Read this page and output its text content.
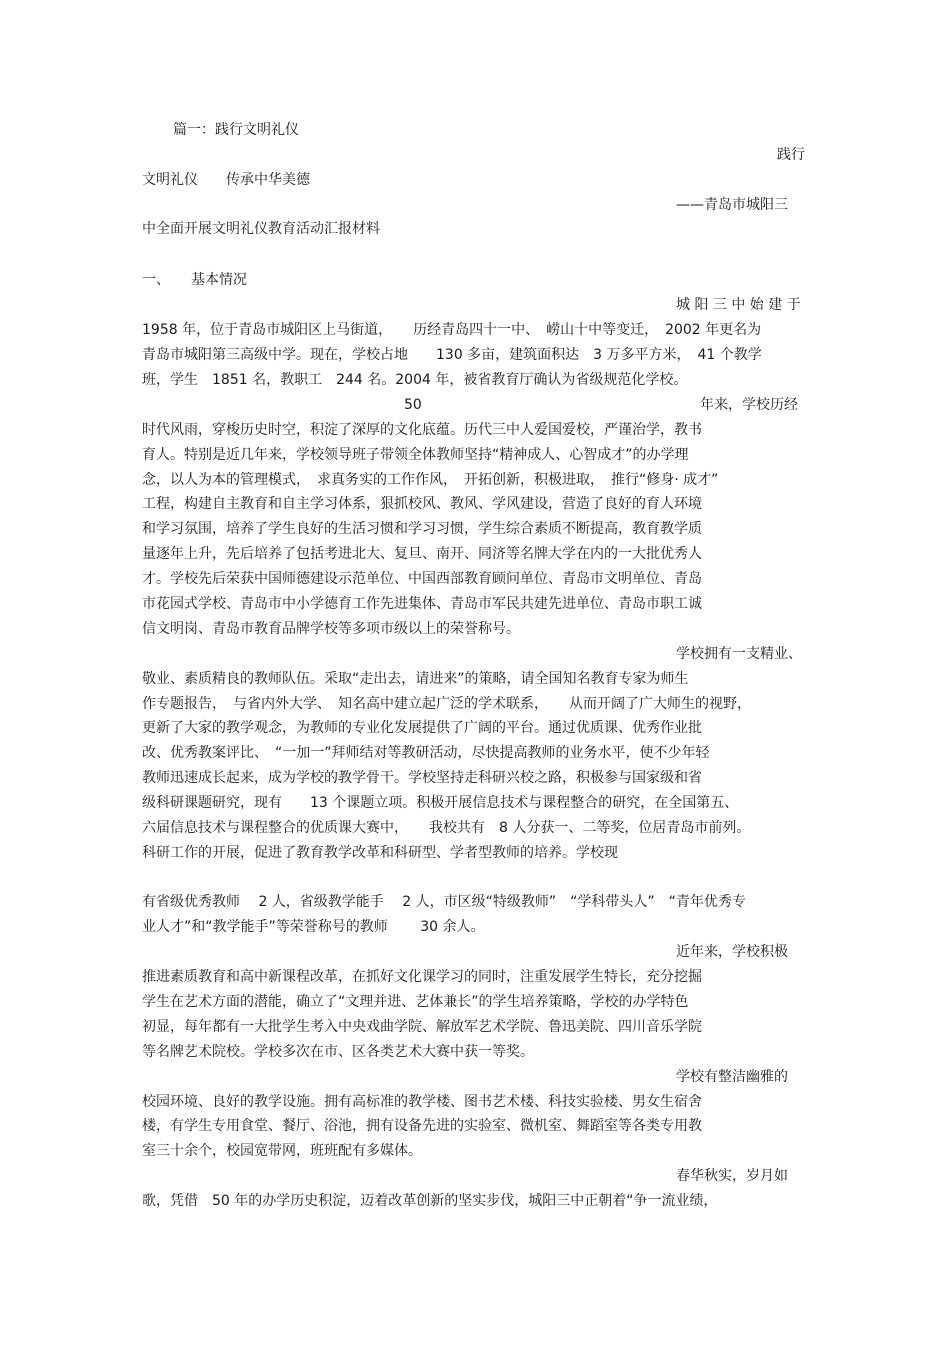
篇一：践行文明礼仪
践行
文明礼仪　　传承中华美德
——青岛市城阳三
中全面开展文明礼仪教育活动汇报材料
一、　　基本情况
城 阳 三 中 始 建 于
1958 年，位于青岛市城阳区上马街道，　　历经青岛四十一中、　崂山十中等变迁，　2002 年更名为
青岛市城阳第三高级中学。现在，学校占地　　130 多亩，建筑面积达　3 万多平方米，　41 个教学
班，学生　1851 名，教职工　244 名。2004 年，被省教育厅确认为省级规范化学校。
50	年来，学校历经
时代风雨，穿梭历史时空，积淀了深厚的文化底蕴。历代三中人爱国爱校，严谨治学，教书
育人。特别是近几年来，学校领导班子带领全体教师坚持“精神成人、心智成才”的办学理
念，以人为本的管理模式，　求真务实的工作作风，　开拓创新，积极进取，　推行“修身· 成才”
工程，构建自主教育和自主学习体系，狠抓校风、教风、学风建设，营造了良好的育人环境
和学习氛围，培养了学生良好的生活习惯和学习习惯，学生综合素质不断提高，教育教学质
量逐年上升，先后培养了包括考进北大、复旦、南开、同济等名牌大学在内的一大批优秀人
才。学校先后荣获中国师德建设示范单位、中国西部教育顾问单位、青岛市文明单位、青岛
市花园式学校、青岛市中小学德育工作先进集体、青岛市军民共建先进单位、青岛市职工诚
信文明岗、青岛市教育品牌学校等多项市级以上的荣誉称号。
学校拥有一支精业、
敬业、素质精良的教师队伍。采取“走出去，请进来”的策略，请全国知名教育专家为师生
作专题报告，　与省内外大学、　知名高中建立起广泛的学术联系，　　从而开阔了广大师生的视野，
更新了大家的教学观念，为教师的专业化发展提供了广阔的平台。通过优质课、优秀作业批
改、优秀教案评比、　“一加一”拜师结对等教研活动，尽快提高教师的业务水平，使不少年轻
教师迅速成长起来，成为学校的教学骨干。学校坚持走科研兴校之路，积极参与国家级和省
级科研课题研究，现有　　13 个课题立项。积极开展信息技术与课程整合的研究，在全国第五、
六届信息技术与课程整合的优质课大赛中，　　我校共有　8 人分获一、二等奖，位居青岛市前列。
科研工作的开展，促进了教育教学改革和科研型、学者型教师的培养。学校现
有省级优秀教师　 2 人，省级教学能手　 2 人，市区级“特级教师”　“学科带头人”　“青年优秀专
业人才”和“教学能手”等荣誉称号的教师　　 30 余人。
近年来，学校积极
推进素质教育和高中新课程改革，在抓好文化课学习的同时，注重发展学生特长，充分挖掘
学生在艺术方面的潜能，确立了“文理并进、艺体兼长”的学生培养策略，学校的办学特色
初显，每年都有一大批学生考入中央戏曲学院、解放军艺术学院、鲁迅美院、四川音乐学院
等名牌艺术院校。学校多次在市、区各类艺术大赛中获一等奖。
学校有整洁幽雅的
校园环境、良好的教学设施。拥有高标准的教学楼、图书艺术楼、科技实验楼、男女生宿舍
楼，有学生专用食堂、餐厅、浴池，拥有设备先进的实验室、微机室、舞蹈室等各类专用教
室三十余个，校园宽带网，班班配有多媒体。
春华秋实，岁月如
歌，凭借　50 年的办学历史积淀，迈着改革创新的坚实步伐，城阳三中正朝着“争一流业绩，
